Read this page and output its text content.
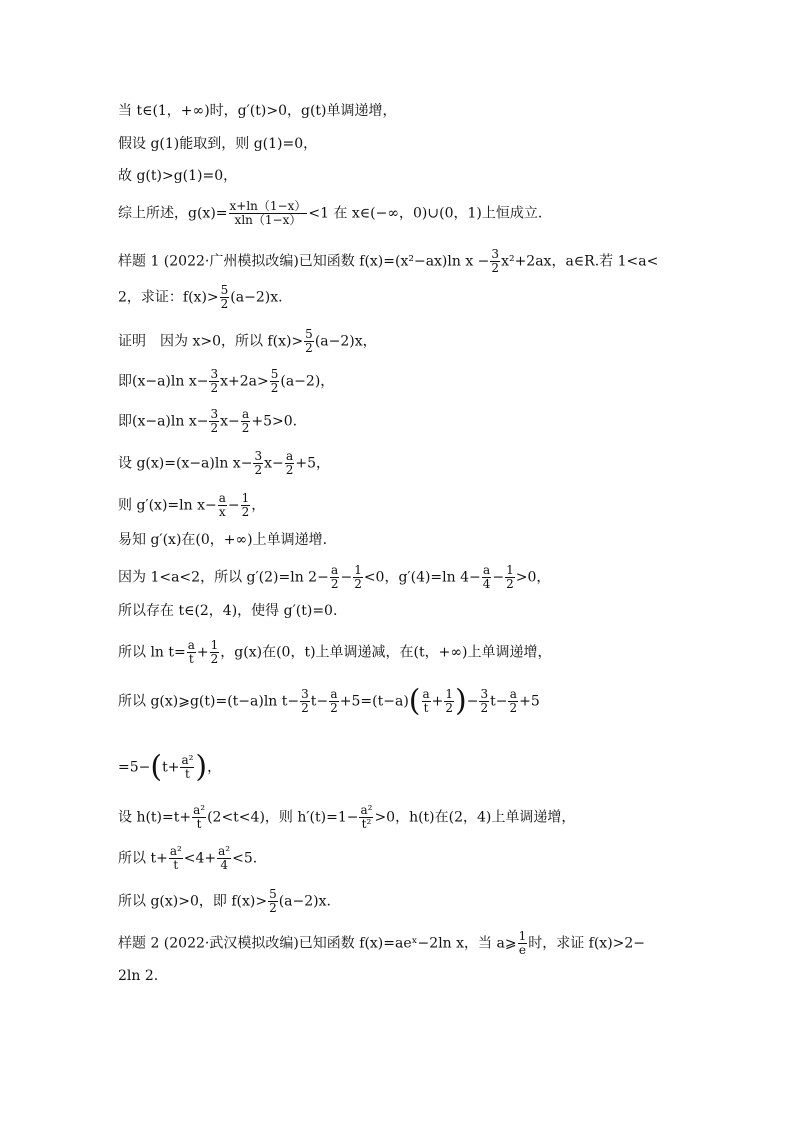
当 t∈(1，+∞)时，g′(t)>0，g(t)单调递增，
假设 g(1)能取到，则 g(1)=0，
故 g(t)>g(1)=0，
综上所述，$g(x)= \frac{x+\ln(1-x)}{xln(1-x)} <1$ 在 x∈(−∞，0)∪(0，1)上恒成立.
样题 1 (2022·广州模拟改编)已知函数 f(x)=(x²−ax)ln $x - \frac{3}{2} x^2+2ax$，a∈R.若 1<a<
2，求证：$f(x)> \frac{5}{2} (a-2)x$.
证明　因为 x>0，所以 $f(x)> \frac{5}{2} (a-2)x$，
即(x−a)ln $x- \frac{3}{2} x+2a> \frac{5}{2} (a-2)$，
即(x−a)ln $x- \frac{3}{2} x- \frac{a}{2} +5>0$.
设 g(x)=(x−a)ln $x- \frac{3}{2} x- \frac{a}{2} +5$，
则 g′(x)=ln $x- \frac{a}{x} - \frac{1}{2}$ ，
易知 g′(x)在(0，+∞)上单调递增.
因为 1<a<2，所以 g′(2)=ln $2- \frac{a}{2} - \frac{1}{2} <0$，g′(4)=ln $4- \frac{a}{4} - \frac{1}{2} >0$，
所以存在 t∈(2，4)，使得 g′(t)=0.
所以 $\ln t= \frac{a}{t} + \frac{1}{2}$ ，g(x)在(0，t)上单调递减，在(t，+∞)上单调递增，
所以 g(x)⩾g(t)=(t−a)ln $t- \frac{3}{2} t- \frac{a}{2} +5=(t-a)( \frac{a}{t} + \frac{1}{2}$ )− $\frac{3}{2} t- \frac{a}{2} +5$
$=5-(t+ \frac{\text{a²}}{t}$ )，
设 $h(t)=t+ \frac{\text{a²}}{t} (2<t<4)$，则 $h'(t)=1- \frac{\text{a²}}{\text{t²}} >0$，h(t)在(2，4)上单调递增，
所以 $t+ \frac{\text{a²}}{t} <4+ \frac{\text{a²}}{4} <5$.
所以 g(x)>0，即 $f(x)> \frac{5}{2} (a-2)x$.
样题 2 (2022·武汉模拟改编)已知函数 f(x)=aeˣ−2ln x，当 a⩾ $\frac{1}{e}$ 时，求证 f(x)>2−
2ln 2.
